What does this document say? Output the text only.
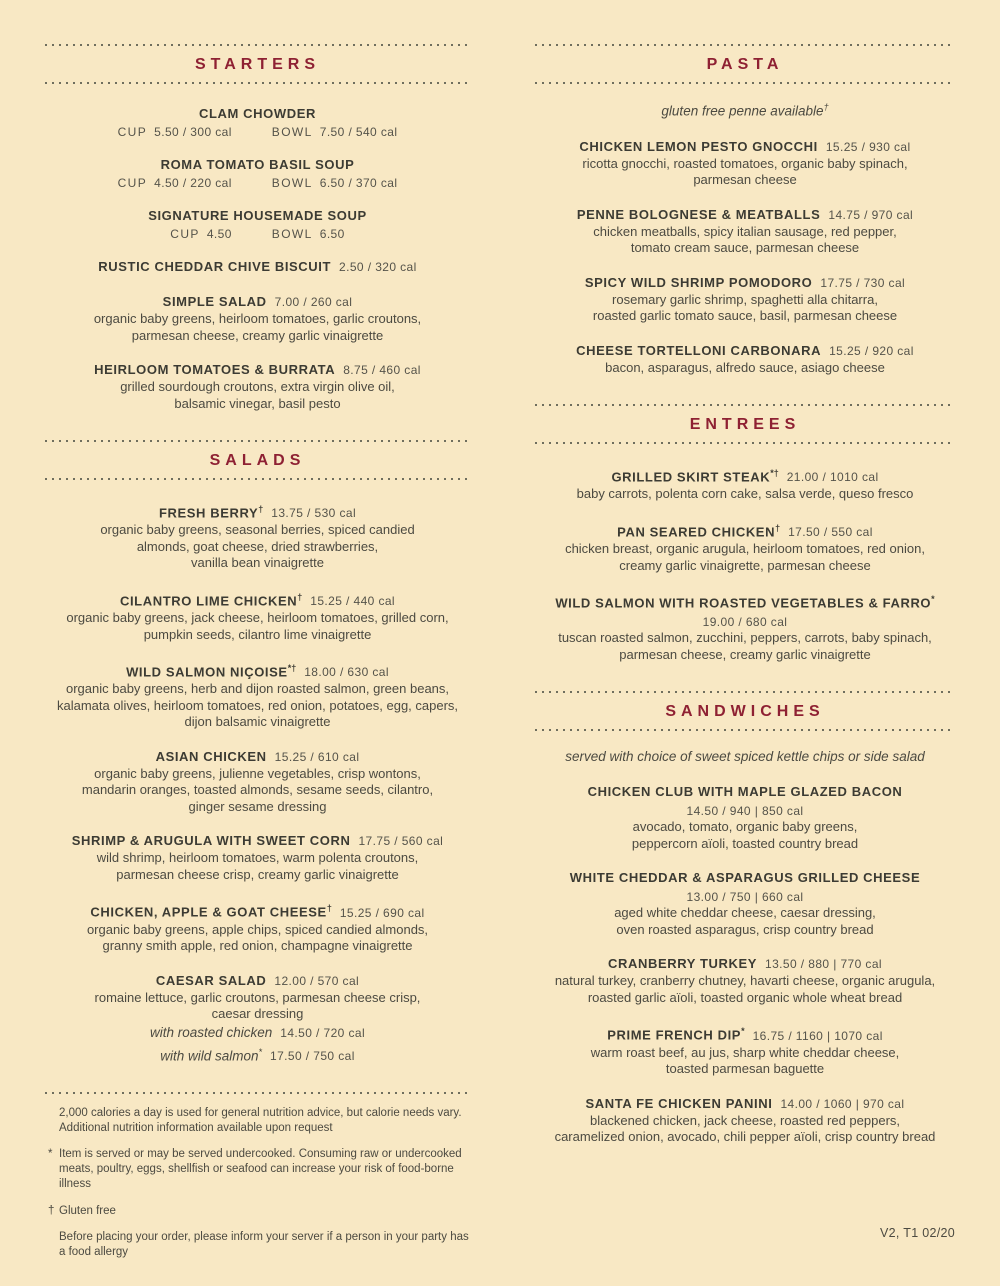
STARTERS
CLAM CHOWDER
CUP 5.50 / 300 cal	BOWL 7.50 / 540 cal
ROMA TOMATO BASIL SOUP
CUP 4.50 / 220 cal	BOWL 6.50 / 370 cal
SIGNATURE HOUSEMADE SOUP
CUP 4.50	BOWL 6.50
RUSTIC CHEDDAR CHIVE BISCUIT 2.50 / 320 cal
SIMPLE SALAD 7.00 / 260 cal
organic baby greens, heirloom tomatoes, garlic croutons,
parmesan cheese, creamy garlic vinaigrette
HEIRLOOM TOMATOES & BURRATA 8.75 / 460 cal
grilled sourdough croutons, extra virgin olive oil,
balsamic vinegar, basil pesto
SALADS
FRESH BERRY† 13.75 / 530 cal
organic baby greens, seasonal berries, spiced candied
almonds, goat cheese, dried strawberries,
vanilla bean vinaigrette
CILANTRO LIME CHICKEN† 15.25 / 440 cal
organic baby greens, jack cheese, heirloom tomatoes, grilled corn,
pumpkin seeds, cilantro lime vinaigrette
WILD SALMON NIÇOISE*† 18.00 / 630 cal
organic baby greens, herb and dijon roasted salmon, green beans,
kalamata olives, heirloom tomatoes, red onion, potatoes, egg, capers,
dijon balsamic vinaigrette
ASIAN CHICKEN 15.25 / 610 cal
organic baby greens, julienne vegetables, crisp wontons,
mandarin oranges, toasted almonds, sesame seeds, cilantro,
ginger sesame dressing
SHRIMP & ARUGULA WITH SWEET CORN 17.75 / 560 cal
wild shrimp, heirloom tomatoes, warm polenta croutons,
parmesan cheese crisp, creamy garlic vinaigrette
CHICKEN, APPLE & GOAT CHEESE† 15.25 / 690 cal
organic baby greens, apple chips, spiced candied almonds,
granny smith apple, red onion, champagne vinaigrette
CAESAR SALAD 12.00 / 570 cal
romaine lettuce, garlic croutons, parmesan cheese crisp,
caesar dressing
with roasted chicken 14.50 / 720 cal
with wild salmon* 17.50 / 750 cal

2,000 calories a day is used for general nutrition advice, but calorie needs vary. Additional nutrition information available upon request

* Item is served or may be served undercooked. Consuming raw or undercooked meats, poultry, eggs, shellfish or seafood can increase your risk of food-borne illness

† Gluten free

Before placing your order, please inform your server if a person in your party has a food allergy

PASTA
gluten free penne available†
CHICKEN LEMON PESTO GNOCCHI 15.25 / 930 cal
ricotta gnocchi, roasted tomatoes, organic baby spinach,
parmesan cheese
PENNE BOLOGNESE & MEATBALLS 14.75 / 970 cal
chicken meatballs, spicy italian sausage, red pepper,
tomato cream sauce, parmesan cheese
SPICY WILD SHRIMP POMODORO 17.75 / 730 cal
rosemary garlic shrimp, spaghetti alla chitarra,
roasted garlic tomato sauce, basil, parmesan cheese
CHEESE TORTELLONI CARBONARA 15.25 / 920 cal
bacon, asparagus, alfredo sauce, asiago cheese
ENTREES
GRILLED SKIRT STEAK*† 21.00 / 1010 cal
baby carrots, polenta corn cake, salsa verde, queso fresco
PAN SEARED CHICKEN† 17.50 / 550 cal
chicken breast, organic arugula, heirloom tomatoes, red onion,
creamy garlic vinaigrette, parmesan cheese
WILD SALMON WITH ROASTED VEGETABLES & FARRO*
19.00 / 680 cal
tuscan roasted salmon, zucchini, peppers, carrots, baby spinach,
parmesan cheese, creamy garlic vinaigrette
SANDWICHES
served with choice of sweet spiced kettle chips or side salad
CHICKEN CLUB WITH MAPLE GLAZED BACON
14.50 / 940 | 850 cal
avocado, tomato, organic baby greens,
peppercorn aïoli, toasted country bread
WHITE CHEDDAR & ASPARAGUS GRILLED CHEESE
13.00 / 750 | 660 cal
aged white cheddar cheese, caesar dressing,
oven roasted asparagus, crisp country bread
CRANBERRY TURKEY 13.50 / 880 | 770 cal
natural turkey, cranberry chutney, havarti cheese, organic arugula,
roasted garlic aïoli, toasted organic whole wheat bread
PRIME FRENCH DIP* 16.75 / 1160 | 1070 cal
warm roast beef, au jus, sharp white cheddar cheese,
toasted parmesan baguette
SANTA FE CHICKEN PANINI 14.00 / 1060 | 970 cal
blackened chicken, jack cheese, roasted red peppers,
caramelized onion, avocado, chili pepper aïoli, crisp country bread
V2, T1 02/20
